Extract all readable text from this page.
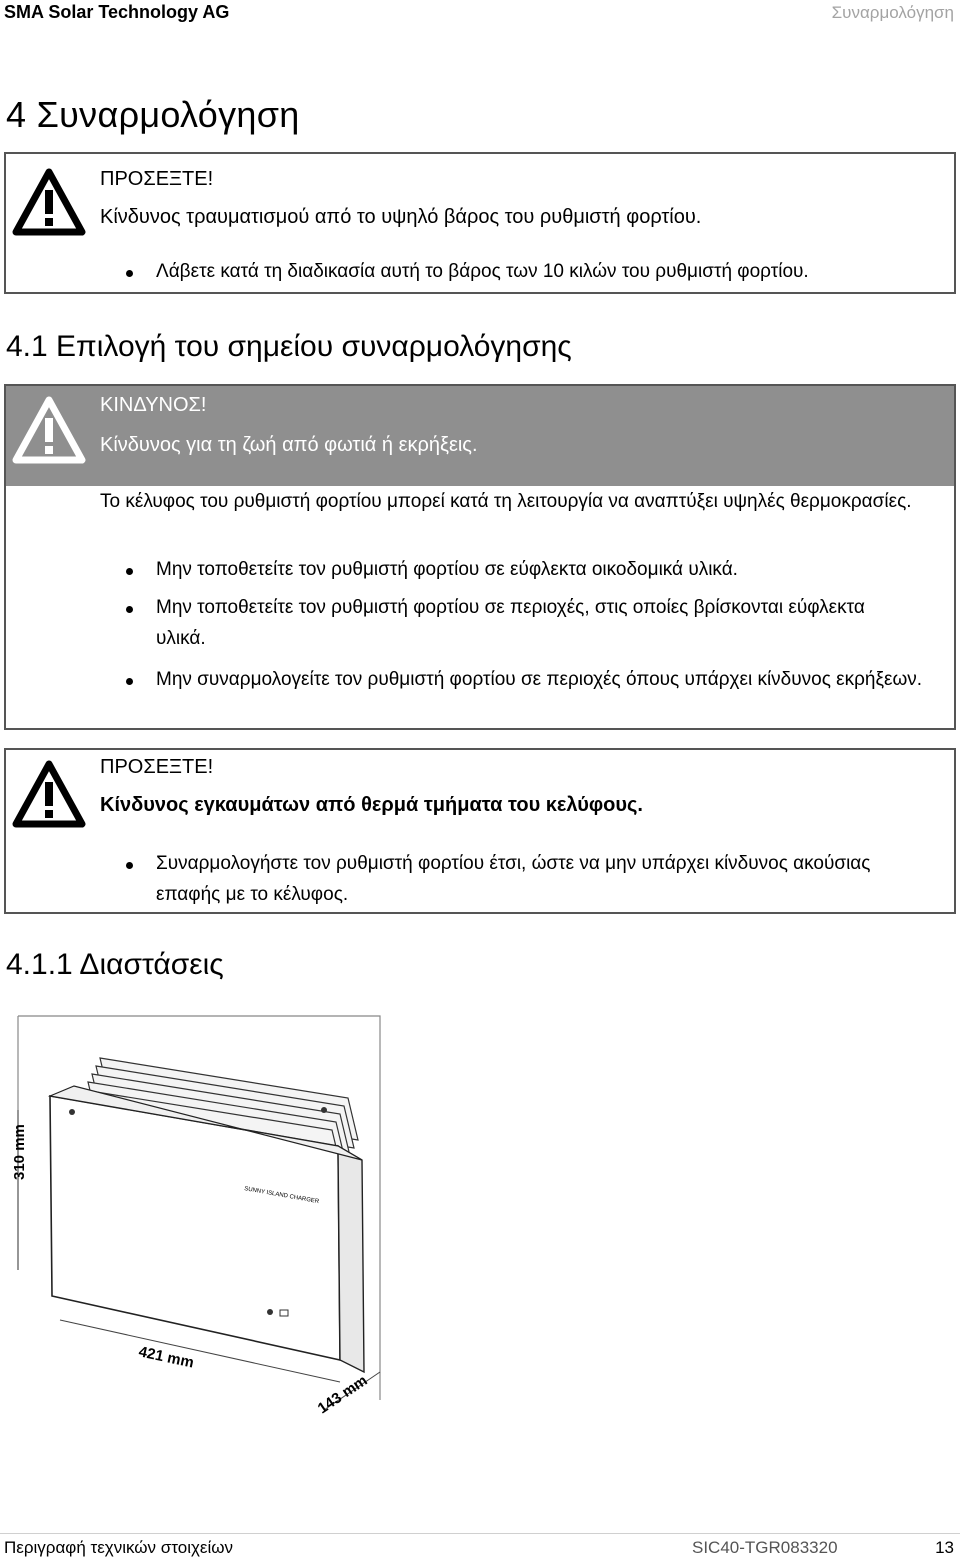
SMA Solar Technology AG	Συναρμολόγηση
4 Συναρμολόγηση
ΠΡΟΣΕΞΤΕ!
Κίνδυνος τραυματισμού από το υψηλό βάρος του ρυθμιστή φορτίου.
Λάβετε κατά τη διαδικασία αυτή το βάρος των 10 κιλών του ρυθμιστή φορτίου.
4.1 Επιλογή του σημείου συναρμολόγησης
ΚΙΝΔΥΝΟΣ!
Κίνδυνος για τη ζωή από φωτιά ή εκρήξεις.
Το κέλυφος του ρυθμιστή φορτίου μπορεί κατά τη λειτουργία να αναπτύξει υψηλές θερμοκρασίες.
Μην τοποθετείτε τον ρυθμιστή φορτίου σε εύφλεκτα οικοδομικά υλικά.
Μην τοποθετείτε τον ρυθμιστή φορτίου σε περιοχές, στις οποίες βρίσκονται εύφλεκτα υλικά.
Μην συναρμολογείτε τον ρυθμιστή φορτίου σε περιοχές όπους υπάρχει κίνδυνος εκρήξεων.
ΠΡΟΣΕΞΤΕ!
Κίνδυνος εγκαυμάτων από θερμά τμήματα του κελύφους.
Συναρμολογήστε τον ρυθμιστή φορτίου έτσι, ώστε να μην υπάρχει κίνδυνος ακούσιας επαφής με το κέλυφος.
4.1.1 Διαστάσεις
SUNNY ISLAND CHARGER
310 mm
421 mm
143 mm
Περιγραφή τεχνικών στοιχείων	SIC40-TGR083320	13
